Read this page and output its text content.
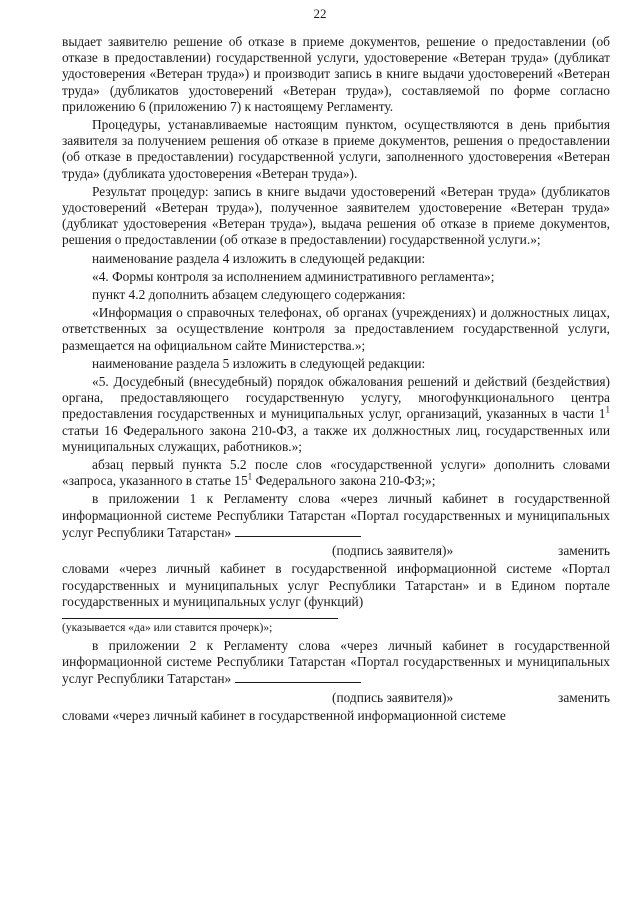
22

выдает заявителю решение об отказе в приеме документов, решение о предоставлении (об отказе в предоставлении) государственной услуги, удостоверение «Ветеран труда» (дубликат удостоверения «Ветеран труда») и производит запись в книге выдачи удостоверений «Ветеран труда» (дубликатов удостоверений «Ветеран труда»), составляемой по форме согласно приложению 6 (приложению 7) к настоящему Регламенту.

Процедуры, устанавливаемые настоящим пунктом, осуществляются в день прибытия заявителя за получением решения об отказе в приеме документов, решения о предоставлении (об отказе в предоставлении) государственной услуги, заполненного удостоверения «Ветеран труда» (дубликата удостоверения «Ветеран труда»).

Результат процедур: запись в книге выдачи удостоверений «Ветеран труда» (дубликатов удостоверений «Ветеран труда»), полученное заявителем удостоверение «Ветеран труда» (дубликат удостоверения «Ветеран труда»), выдача решения об отказе в приеме документов, решения о предоставлении (об отказе в предоставлении) государственной услуги.»;

наименование раздела 4 изложить в следующей редакции:

«4. Формы контроля за исполнением административного регламента»;

пункт 4.2 дополнить абзацем следующего содержания:

«Информация о справочных телефонах, об органах (учреждениях) и должностных лицах, ответственных за осуществление контроля за предоставлением государственной услуги, размещается на официальном сайте Министерства.»;

наименование раздела 5 изложить в следующей редакции:

«5. Досудебный (внесудебный) порядок обжалования решений и действий (бездействия) органа, предоставляющего государственную услугу, многофункционального центра предоставления государственных и муниципальных услуг, организаций, указанных в части $1^1$ статьи 16 Федерального закона 210-ФЗ, а также их должностных лиц, государственных или муниципальных служащих, работников.»;

абзац первый пункта 5.2 после слов «государственной услуги» дополнить словами «запроса, указанного в статье $15^1$ Федерального закона 210-ФЗ;»;

в приложении 1 к Регламенту слова «через личный кабинет в государственной информационной системе Республики Татарстан «Портал государственных и муниципальных услуг Республики Татарстан»

(подпись заявителя)»	заменить

словами «через личный кабинет в государственной информационной системе «Портал государственных и муниципальных услуг Республики Татарстан» и в Едином портале государственных и муниципальных услуг (функций)

(указывается «да» или ставится прочерк)»;

в приложении 2 к Регламенту слова «через личный кабинет в государственной информационной системе Республики Татарстан «Портал государственных и муниципальных услуг Республики Татарстан»

(подпись заявителя)»	заменить

словами «через личный кабинет в государственной информационной системе
